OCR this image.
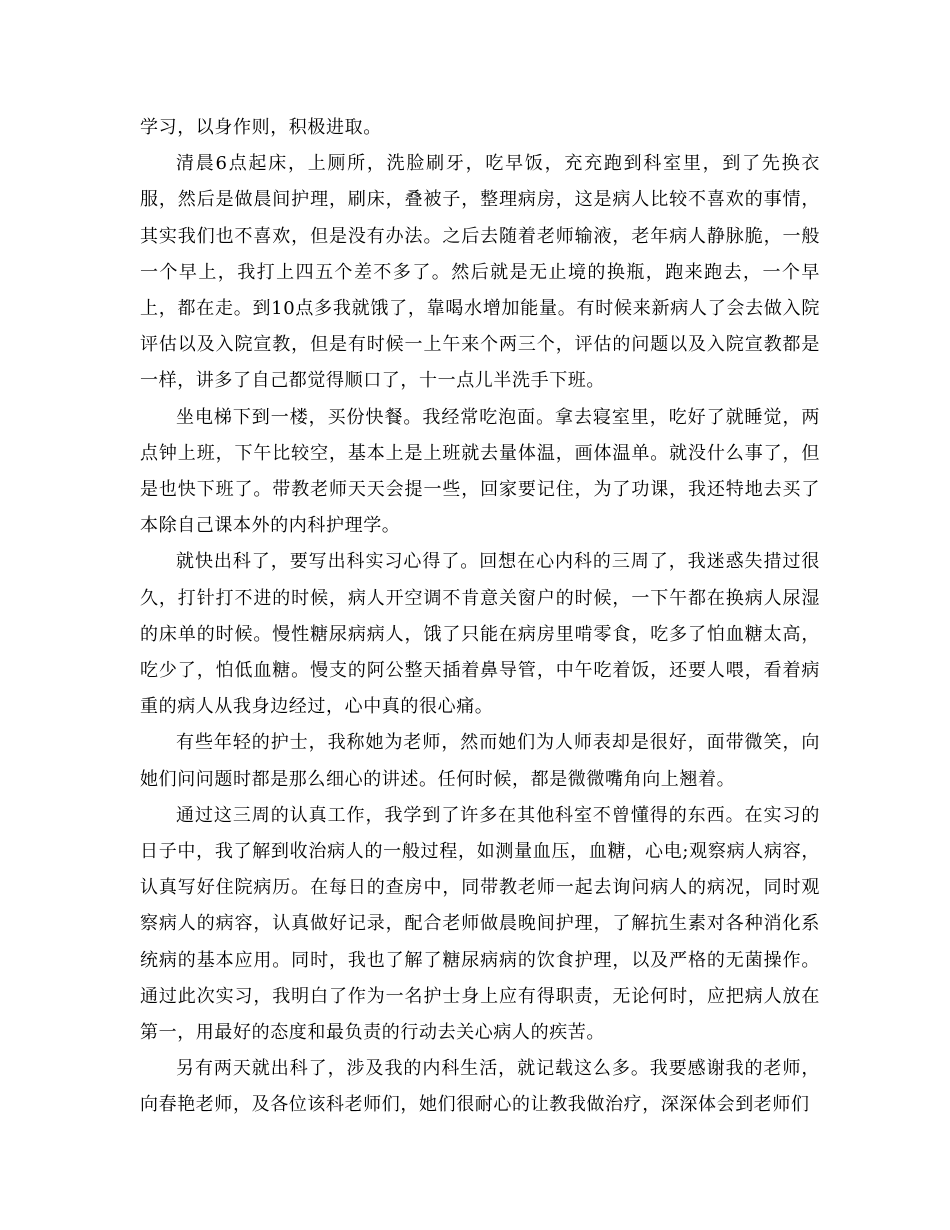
学习，以身作则，积极进取。

清晨6点起床，上厕所，洗脸刷牙，吃早饭，充充跑到科室里，到了先换衣服，然后是做晨间护理，刷床，叠被子，整理病房，这是病人比较不喜欢的事情，其实我们也不喜欢，但是没有办法。之后去随着老师输液，老年病人静脉脆，一般一个早上，我打上四五个差不多了。然后就是无止境的换瓶，跑来跑去，一个早上，都在走。到10点多我就饿了，靠喝水增加能量。有时候来新病人了会去做入院评估以及入院宣教，但是有时候一上午来个两三个，评估的问题以及入院宣教都是一样，讲多了自己都觉得顺口了，十一点儿半洗手下班。

坐电梯下到一楼，买份快餐。我经常吃泡面。拿去寝室里，吃好了就睡觉，两点钟上班，下午比较空，基本上是上班就去量体温，画体温单。就没什么事了，但是也快下班了。带教老师天天会提一些，回家要记住，为了功课，我还特地去买了本除自己课本外的内科护理学。

就快出科了，要写出科实习心得了。回想在心内科的三周了，我迷惑失措过很久，打针打不进的时候，病人开空调不肯意关窗户的时候，一下午都在换病人尿湿的床单的时候。慢性糖尿病病人，饿了只能在病房里啃零食，吃多了怕血糖太高，吃少了，怕低血糖。慢支的阿公整天插着鼻导管，中午吃着饭，还要人喂，看着病重的病人从我身边经过，心中真的很心痛。

有些年轻的护士，我称她为老师，然而她们为人师表却是很好，面带微笑，向她们问问题时都是那么细心的讲述。任何时候，都是微微嘴角向上翘着。

通过这三周的认真工作，我学到了许多在其他科室不曾懂得的东西。在实习的日子中，我了解到收治病人的一般过程，如测量血压，血糖，心电;观察病人病容，认真写好住院病历。在每日的查房中，同带教老师一起去询问病人的病况，同时观察病人的病容，认真做好记录，配合老师做晨晚间护理，了解抗生素对各种消化系统病的基本应用。同时，我也了解了糖尿病病的饮食护理，以及严格的无菌操作。通过此次实习，我明白了作为一名护士身上应有得职责，无论何时，应把病人放在第一，用最好的态度和最负责的行动去关心病人的疾苦。

另有两天就出科了，涉及我的内科生活，就记载这么多。我要感谢我的老师，向春艳老师，及各位该科老师们，她们很耐心的让教我做治疗，深深体会到老师们
